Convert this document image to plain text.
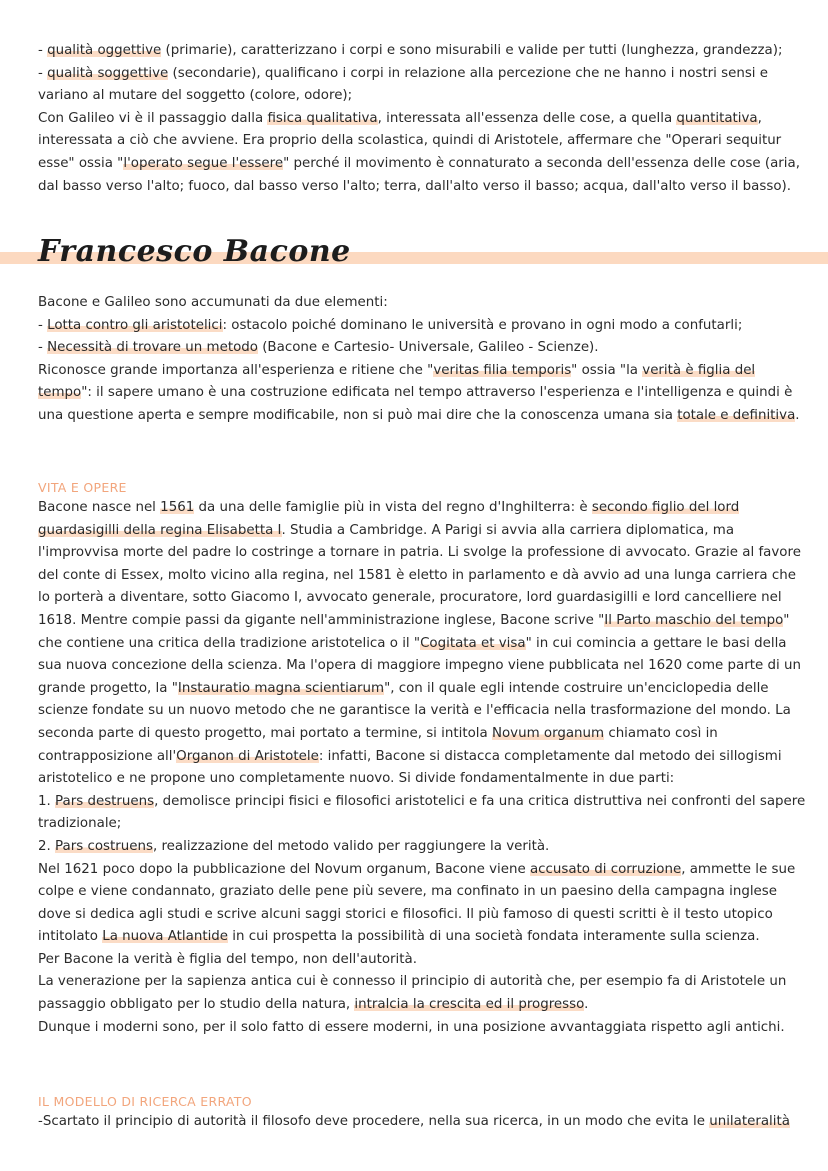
- qualità oggettive (primarie), caratterizzano i corpi e sono misurabili e valide per tutti (lunghezza, grandezza);

- qualità soggettive (secondarie), qualificano i corpi in relazione alla percezione che ne hanno i nostri sensi e variano al mutare del soggetto (colore, odore);

Con Galileo vi è il passaggio dalla fisica qualitativa, interessata all'essenza delle cose, a quella quantitativa, interessata a ciò che avviene. Era proprio della scolastica, quindi di Aristotele, affermare che "Operari sequitur esse" ossia "l'operato segue l'essere" perché il movimento è connaturato a seconda dell'essenza delle cose (aria, dal basso verso l'alto; fuoco, dal basso verso l'alto; terra, dall'alto verso il basso; acqua, dall'alto verso il basso).

Francesco Bacone

Bacone e Galileo sono accumunati da due elementi:

- Lotta contro gli aristotelici: ostacolo poiché dominano le università e provano in ogni modo a confutarli;

- Necessità di trovare un metodo (Bacone e Cartesio- Universale, Galileo - Scienze).

Riconosce grande importanza all'esperienza e ritiene che "veritas filia temporis" ossia "la verità è figlia del tempo": il sapere umano è una costruzione edificata nel tempo attraverso l'esperienza e l'intelligenza e quindi è una questione aperta e sempre modificabile, non si può mai dire che la conoscenza umana sia totale e definitiva.

VITA E OPERE

Bacone nasce nel 1561 da una delle famiglie più in vista del regno d'Inghilterra: è secondo figlio del lord guardasigilli della regina Elisabetta I. Studia a Cambridge. A Parigi si avvia alla carriera diplomatica, ma l'improvvisa morte del padre lo costringe a tornare in patria. Li svolge la professione di avvocato. Grazie al favore del conte di Essex, molto vicino alla regina, nel 1581 è eletto in parlamento e dà avvio ad una lunga carriera che lo porterà a diventare, sotto Giacomo I, avvocato generale, procuratore, lord guardasigilli e lord cancelliere nel 1618. Mentre compie passi da gigante nell'amministrazione inglese, Bacone scrive "Il Parto maschio del tempo" che contiene una critica della tradizione aristotelica o il "Cogitata et visa" in cui comincia a gettare le basi della sua nuova concezione della scienza. Ma l'opera di maggiore impegno viene pubblicata nel 1620 come parte di un grande progetto, la "Instauratio magna scientiarum", con il quale egli intende costruire un'enciclopedia delle scienze fondate su un nuovo metodo che ne garantisce la verità e l'efficacia nella trasformazione del mondo. La seconda parte di questo progetto, mai portato a termine, si intitola Novum organum chiamato così in contrapposizione all'Organon di Aristotele: infatti, Bacone si distacca completamente dal metodo dei sillogismi aristotelico e ne propone uno completamente nuovo. Si divide fondamentalmente in due parti:

1. Pars destruens, demolisce principi fisici e filosofici aristotelici e fa una critica distruttiva nei confronti del sapere tradizionale;

2. Pars costruens, realizzazione del metodo valido per raggiungere la verità.

Nel 1621 poco dopo la pubblicazione del Novum organum, Bacone viene accusato di corruzione, ammette le sue colpe e viene condannato, graziato delle pene più severe, ma confinato in un paesino della campagna inglese dove si dedica agli studi e scrive alcuni saggi storici e filosofici. Il più famoso di questi scritti è il testo utopico intitolato La nuova Atlantide in cui prospetta la possibilità di una società fondata interamente sulla scienza.

Per Bacone la verità è figlia del tempo, non dell'autorità.

La venerazione per la sapienza antica cui è connesso il principio di autorità che, per esempio fa di Aristotele un passaggio obbligato per lo studio della natura, intralcia la crescita ed il progresso.

Dunque i moderni sono, per il solo fatto di essere moderni, in una posizione avvantaggiata rispetto agli antichi.

IL MODELLO DI RICERCA ERRATO

-Scartato il principio di autorità il filosofo deve procedere, nella sua ricerca, in un modo che evita le unilateralità
